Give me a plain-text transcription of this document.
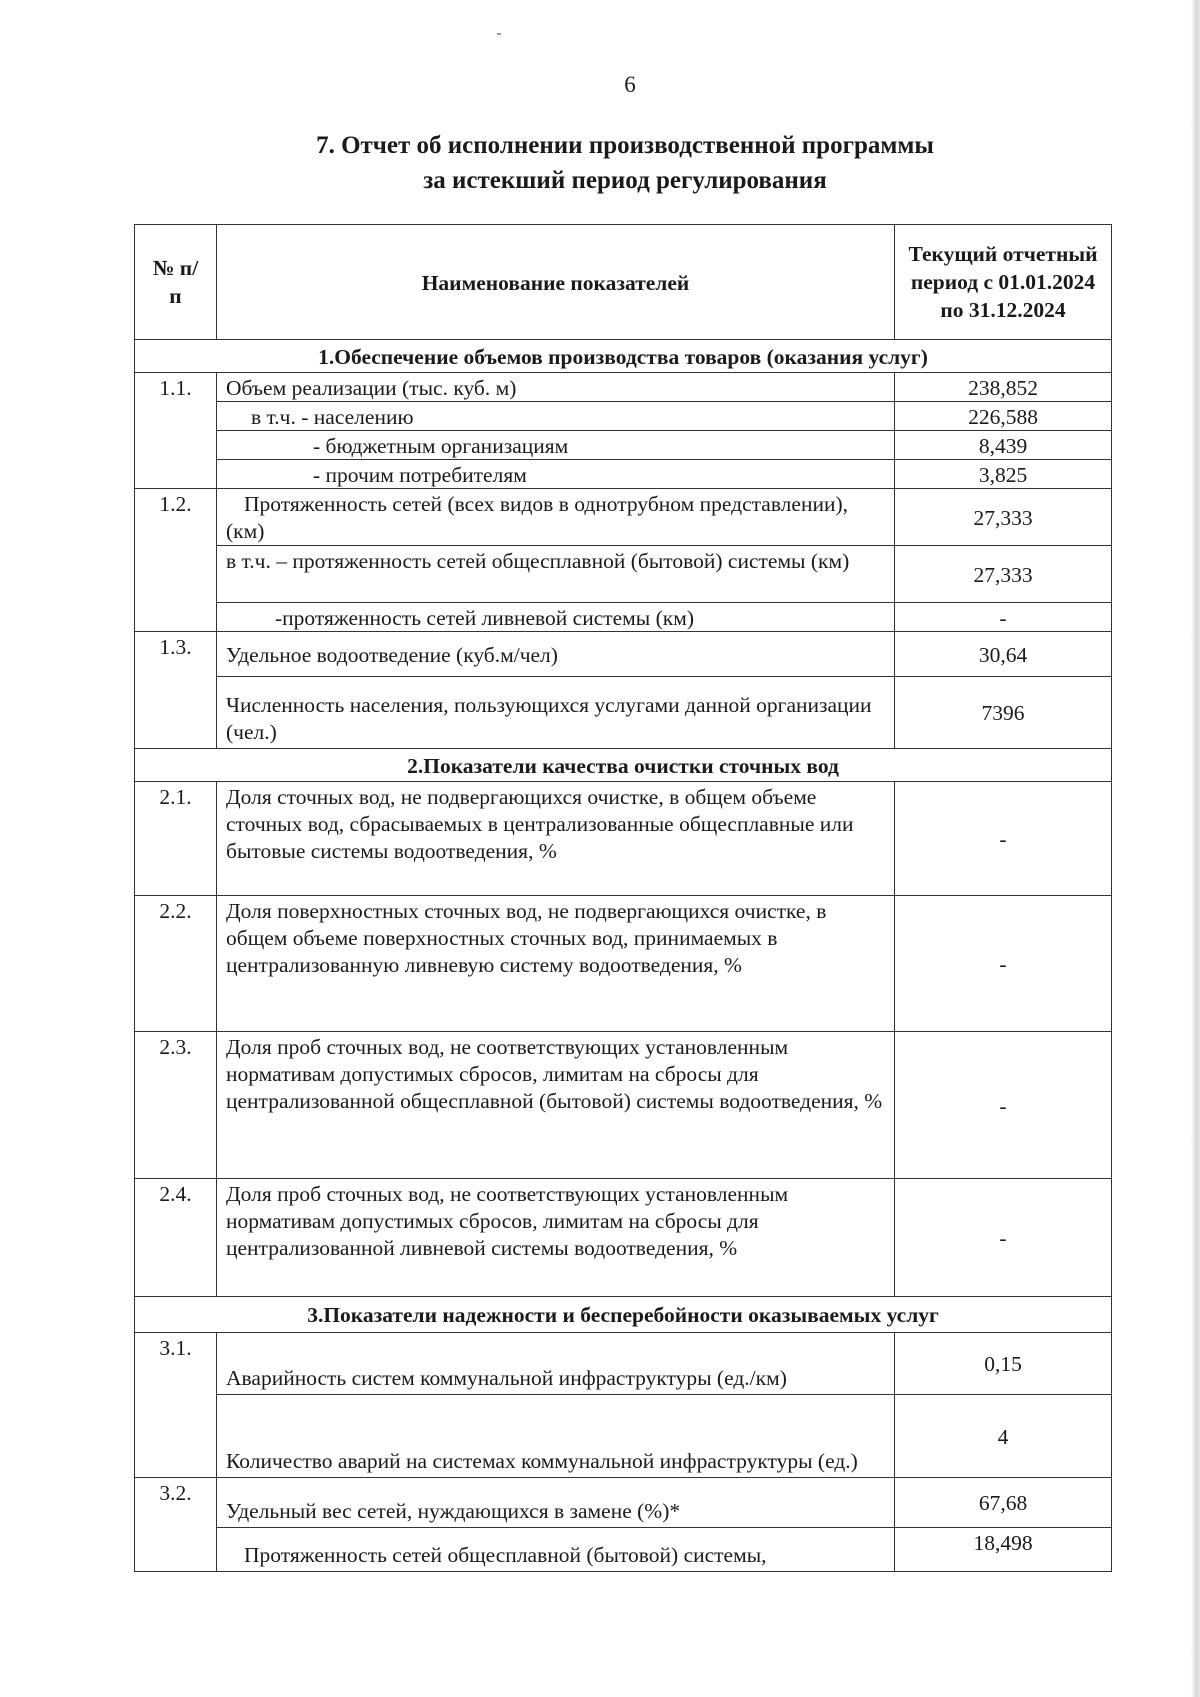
6
7. Отчет об исполнении производственной программы
за истекший период регулирования
№ п/п	Наименование показателей	Текущий отчетный период с 01.01.2024 по 31.12.2024
1.Обеспечение объемов производства товаров (оказания услуг)		
1.1.	Объем реализации (тыс. куб. м)	238,852
	в т.ч. - населению	226,588
	- бюджетным организациям	8,439
	- прочим потребителям	3,825
1.2.	Протяженность сетей (всех видов в однотрубном представлении), (км)	27,333
	в т.ч. – протяженность сетей общесплавной (бытовой) системы (км)	27,333
	-протяженность сетей ливневой системы (км)	-
1.3.	Удельное водоотведение (куб.м/чел)	30,64
	Численность населения, пользующихся услугами данной организации (чел.)	7396
2.Показатели качества очистки сточных вод		
2.1.	Доля сточных вод, не подвергающихся очистке, в общем объеме сточных вод, сбрасываемых в централизованные общесплавные или бытовые системы водоотведения, %	-
2.2.	Доля поверхностных сточных вод, не подвергающихся очистке, в общем объеме поверхностных сточных вод, принимаемых в централизованную ливневую систему водоотведения, %	-
2.3.	Доля проб сточных вод, не соответствующих установленным нормативам допустимых сбросов, лимитам на сбросы для централизованной общесплавной (бытовой) системы водоотведения, %	-
2.4.	Доля проб сточных вод, не соответствующих установленным нормативам допустимых сбросов, лимитам на сбросы для централизованной ливневой системы водоотведения, %	-
3.Показатели надежности и бесперебойности оказываемых услуг		
3.1.	Аварийность систем коммунальной инфраструктуры (ед./км)	0,15
	Количество аварий на системах коммунальной инфраструктуры (ед.)	4
3.2.	Удельный вес сетей, нуждающихся в замене (%)*	67,68
	Протяженность сетей общесплавной (бытовой) системы,	18,498
